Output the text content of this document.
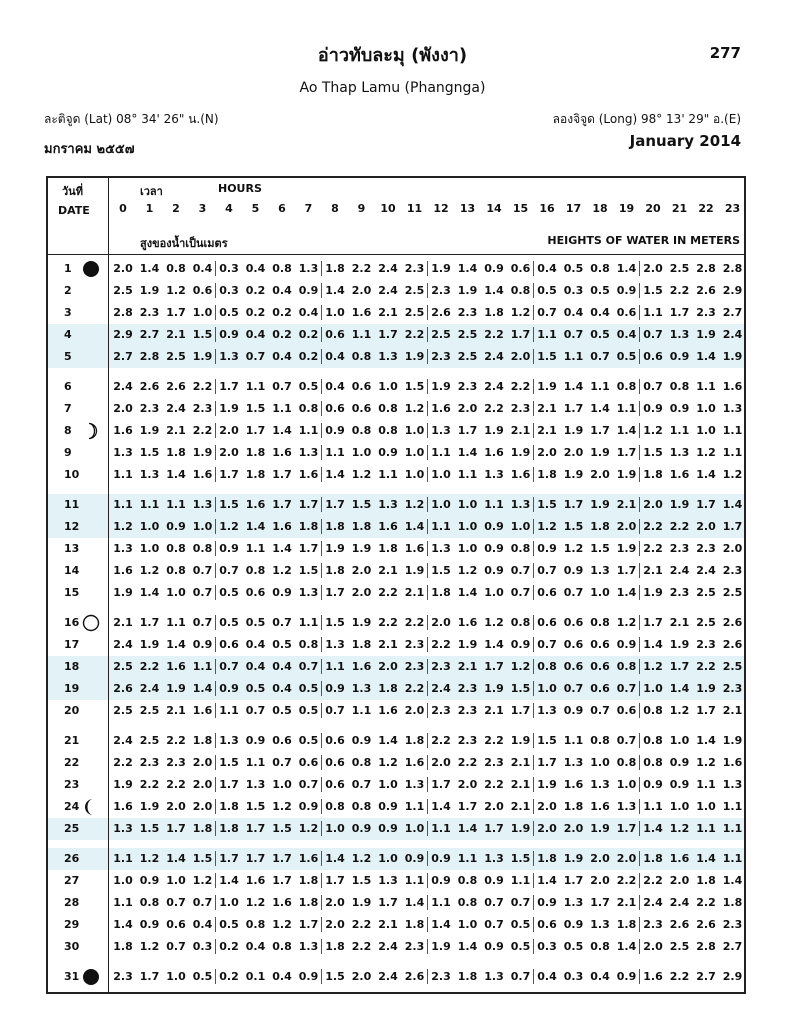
อ่าวทับละมุ (พังงา)	277
Ao Thap Lamu (Phangnga)
ละติจูด (Lat) 08° 34' 26" น.(N)	ลองจิจูด (Long) 98° 13' 29" อ.(E)
มกราคม ๒๕๕๗	January 2014
วันที่
DATE
เวลา	HOURS
สูงของน้ำเป็นเมตร	HEIGHTS OF WATER IN METERS
0	1	2	3	4	5	6	7	8	9	10	11	12	13	14	15	16	17	18	19	20	21	22	23
1	2.0 1.4 0.8 0.4 0.3 0.4 0.8 1.3 1.8 2.2 2.4 2.3 1.9 1.4 0.9 0.6 0.4 0.5 0.8 1.4 2.0 2.5 2.8 2.8
2	2.5 1.9 1.2 0.6 0.3 0.2 0.4 0.9 1.4 2.0 2.4 2.5 2.3 1.9 1.4 0.8 0.5 0.3 0.5 0.9 1.5 2.2 2.6 2.9
3	2.8 2.3 1.7 1.0 0.5 0.2 0.2 0.4 1.0 1.6 2.1 2.5 2.6 2.3 1.8 1.2 0.7 0.4 0.4 0.6 1.1 1.7 2.3 2.7
4	2.9 2.7 2.1 1.5 0.9 0.4 0.2 0.2 0.6 1.1 1.7 2.2 2.5 2.5 2.2 1.7 1.1 0.7 0.5 0.4 0.7 1.3 1.9 2.4
5	2.7 2.8 2.5 1.9 1.3 0.7 0.4 0.2 0.4 0.8 1.3 1.9 2.3 2.5 2.4 2.0 1.5 1.1 0.7 0.5 0.6 0.9 1.4 1.9
6	2.4 2.6 2.6 2.2 1.7 1.1 0.7 0.5 0.4 0.6 1.0 1.5 1.9 2.3 2.4 2.2 1.9 1.4 1.1 0.8 0.7 0.8 1.1 1.6
7	2.0 2.3 2.4 2.3 1.9 1.5 1.1 0.8 0.6 0.6 0.8 1.2 1.6 2.0 2.2 2.3 2.1 1.7 1.4 1.1 0.9 0.9 1.0 1.3
8	1.6 1.9 2.1 2.2 2.0 1.7 1.4 1.1 0.9 0.8 0.8 1.0 1.3 1.7 1.9 2.1 2.1 1.9 1.7 1.4 1.2 1.1 1.0 1.1
9	1.3 1.5 1.8 1.9 2.0 1.8 1.6 1.3 1.1 1.0 0.9 1.0 1.1 1.4 1.6 1.9 2.0 2.0 1.9 1.7 1.5 1.3 1.2 1.1
10	1.1 1.3 1.4 1.6 1.7 1.8 1.7 1.6 1.4 1.2 1.1 1.0 1.0 1.1 1.3 1.6 1.8 1.9 2.0 1.9 1.8 1.6 1.4 1.2
11	1.1 1.1 1.1 1.3 1.5 1.6 1.7 1.7 1.7 1.5 1.3 1.2 1.0 1.0 1.1 1.3 1.5 1.7 1.9 2.1 2.0 1.9 1.7 1.4
12	1.2 1.0 0.9 1.0 1.2 1.4 1.6 1.8 1.8 1.8 1.6 1.4 1.1 1.0 0.9 1.0 1.2 1.5 1.8 2.0 2.2 2.2 2.0 1.7
13	1.3 1.0 0.8 0.8 0.9 1.1 1.4 1.7 1.9 1.9 1.8 1.6 1.3 1.0 0.9 0.8 0.9 1.2 1.5 1.9 2.2 2.3 2.3 2.0
14	1.6 1.2 0.8 0.7 0.7 0.8 1.2 1.5 1.8 2.0 2.1 1.9 1.5 1.2 0.9 0.7 0.7 0.9 1.3 1.7 2.1 2.4 2.4 2.3
15	1.9 1.4 1.0 0.7 0.5 0.6 0.9 1.3 1.7 2.0 2.2 2.1 1.8 1.4 1.0 0.7 0.6 0.7 1.0 1.4 1.9 2.3 2.5 2.5
16	2.1 1.7 1.1 0.7 0.5 0.5 0.7 1.1 1.5 1.9 2.2 2.2 2.0 1.6 1.2 0.8 0.6 0.6 0.8 1.2 1.7 2.1 2.5 2.6
17	2.4 1.9 1.4 0.9 0.6 0.4 0.5 0.8 1.3 1.8 2.1 2.3 2.2 1.9 1.4 0.9 0.7 0.6 0.6 0.9 1.4 1.9 2.3 2.6
18	2.5 2.2 1.6 1.1 0.7 0.4 0.4 0.7 1.1 1.6 2.0 2.3 2.3 2.1 1.7 1.2 0.8 0.6 0.6 0.8 1.2 1.7 2.2 2.5
19	2.6 2.4 1.9 1.4 0.9 0.5 0.4 0.5 0.9 1.3 1.8 2.2 2.4 2.3 1.9 1.5 1.0 0.7 0.6 0.7 1.0 1.4 1.9 2.3
20	2.5 2.5 2.1 1.6 1.1 0.7 0.5 0.5 0.7 1.1 1.6 2.0 2.3 2.3 2.1 1.7 1.3 0.9 0.7 0.6 0.8 1.2 1.7 2.1
21	2.4 2.5 2.2 1.8 1.3 0.9 0.6 0.5 0.6 0.9 1.4 1.8 2.2 2.3 2.2 1.9 1.5 1.1 0.8 0.7 0.8 1.0 1.4 1.9
22	2.2 2.3 2.3 2.0 1.5 1.1 0.7 0.6 0.6 0.8 1.2 1.6 2.0 2.2 2.3 2.1 1.7 1.3 1.0 0.8 0.8 0.9 1.2 1.6
23	1.9 2.2 2.2 2.0 1.7 1.3 1.0 0.7 0.6 0.7 1.0 1.3 1.7 2.0 2.2 2.1 1.9 1.6 1.3 1.0 0.9 0.9 1.1 1.3
24	1.6 1.9 2.0 2.0 1.8 1.5 1.2 0.9 0.8 0.8 0.9 1.1 1.4 1.7 2.0 2.1 2.0 1.8 1.6 1.3 1.1 1.0 1.0 1.1
25	1.3 1.5 1.7 1.8 1.8 1.7 1.5 1.2 1.0 0.9 0.9 1.0 1.1 1.4 1.7 1.9 2.0 2.0 1.9 1.7 1.4 1.2 1.1 1.1
26	1.1 1.2 1.4 1.5 1.7 1.7 1.7 1.6 1.4 1.2 1.0 0.9 0.9 1.1 1.3 1.5 1.8 1.9 2.0 2.0 1.8 1.6 1.4 1.1
27	1.0 0.9 1.0 1.2 1.4 1.6 1.7 1.8 1.7 1.5 1.3 1.1 0.9 0.8 0.9 1.1 1.4 1.7 2.0 2.2 2.2 2.0 1.8 1.4
28	1.1 0.8 0.7 0.7 1.0 1.2 1.6 1.8 2.0 1.9 1.7 1.4 1.1 0.8 0.7 0.7 0.9 1.3 1.7 2.1 2.4 2.4 2.2 1.8
29	1.4 0.9 0.6 0.4 0.5 0.8 1.2 1.7 2.0 2.2 2.1 1.8 1.4 1.0 0.7 0.5 0.6 0.9 1.3 1.8 2.3 2.6 2.6 2.3
30	1.8 1.2 0.7 0.3 0.2 0.4 0.8 1.3 1.8 2.2 2.4 2.3 1.9 1.4 0.9 0.5 0.3 0.5 0.8 1.4 2.0 2.5 2.8 2.7
31	2.3 1.7 1.0 0.5 0.2 0.1 0.4 0.9 1.5 2.0 2.4 2.6 2.3 1.8 1.3 0.7 0.4 0.3 0.4 0.9 1.6 2.2 2.7 2.9
